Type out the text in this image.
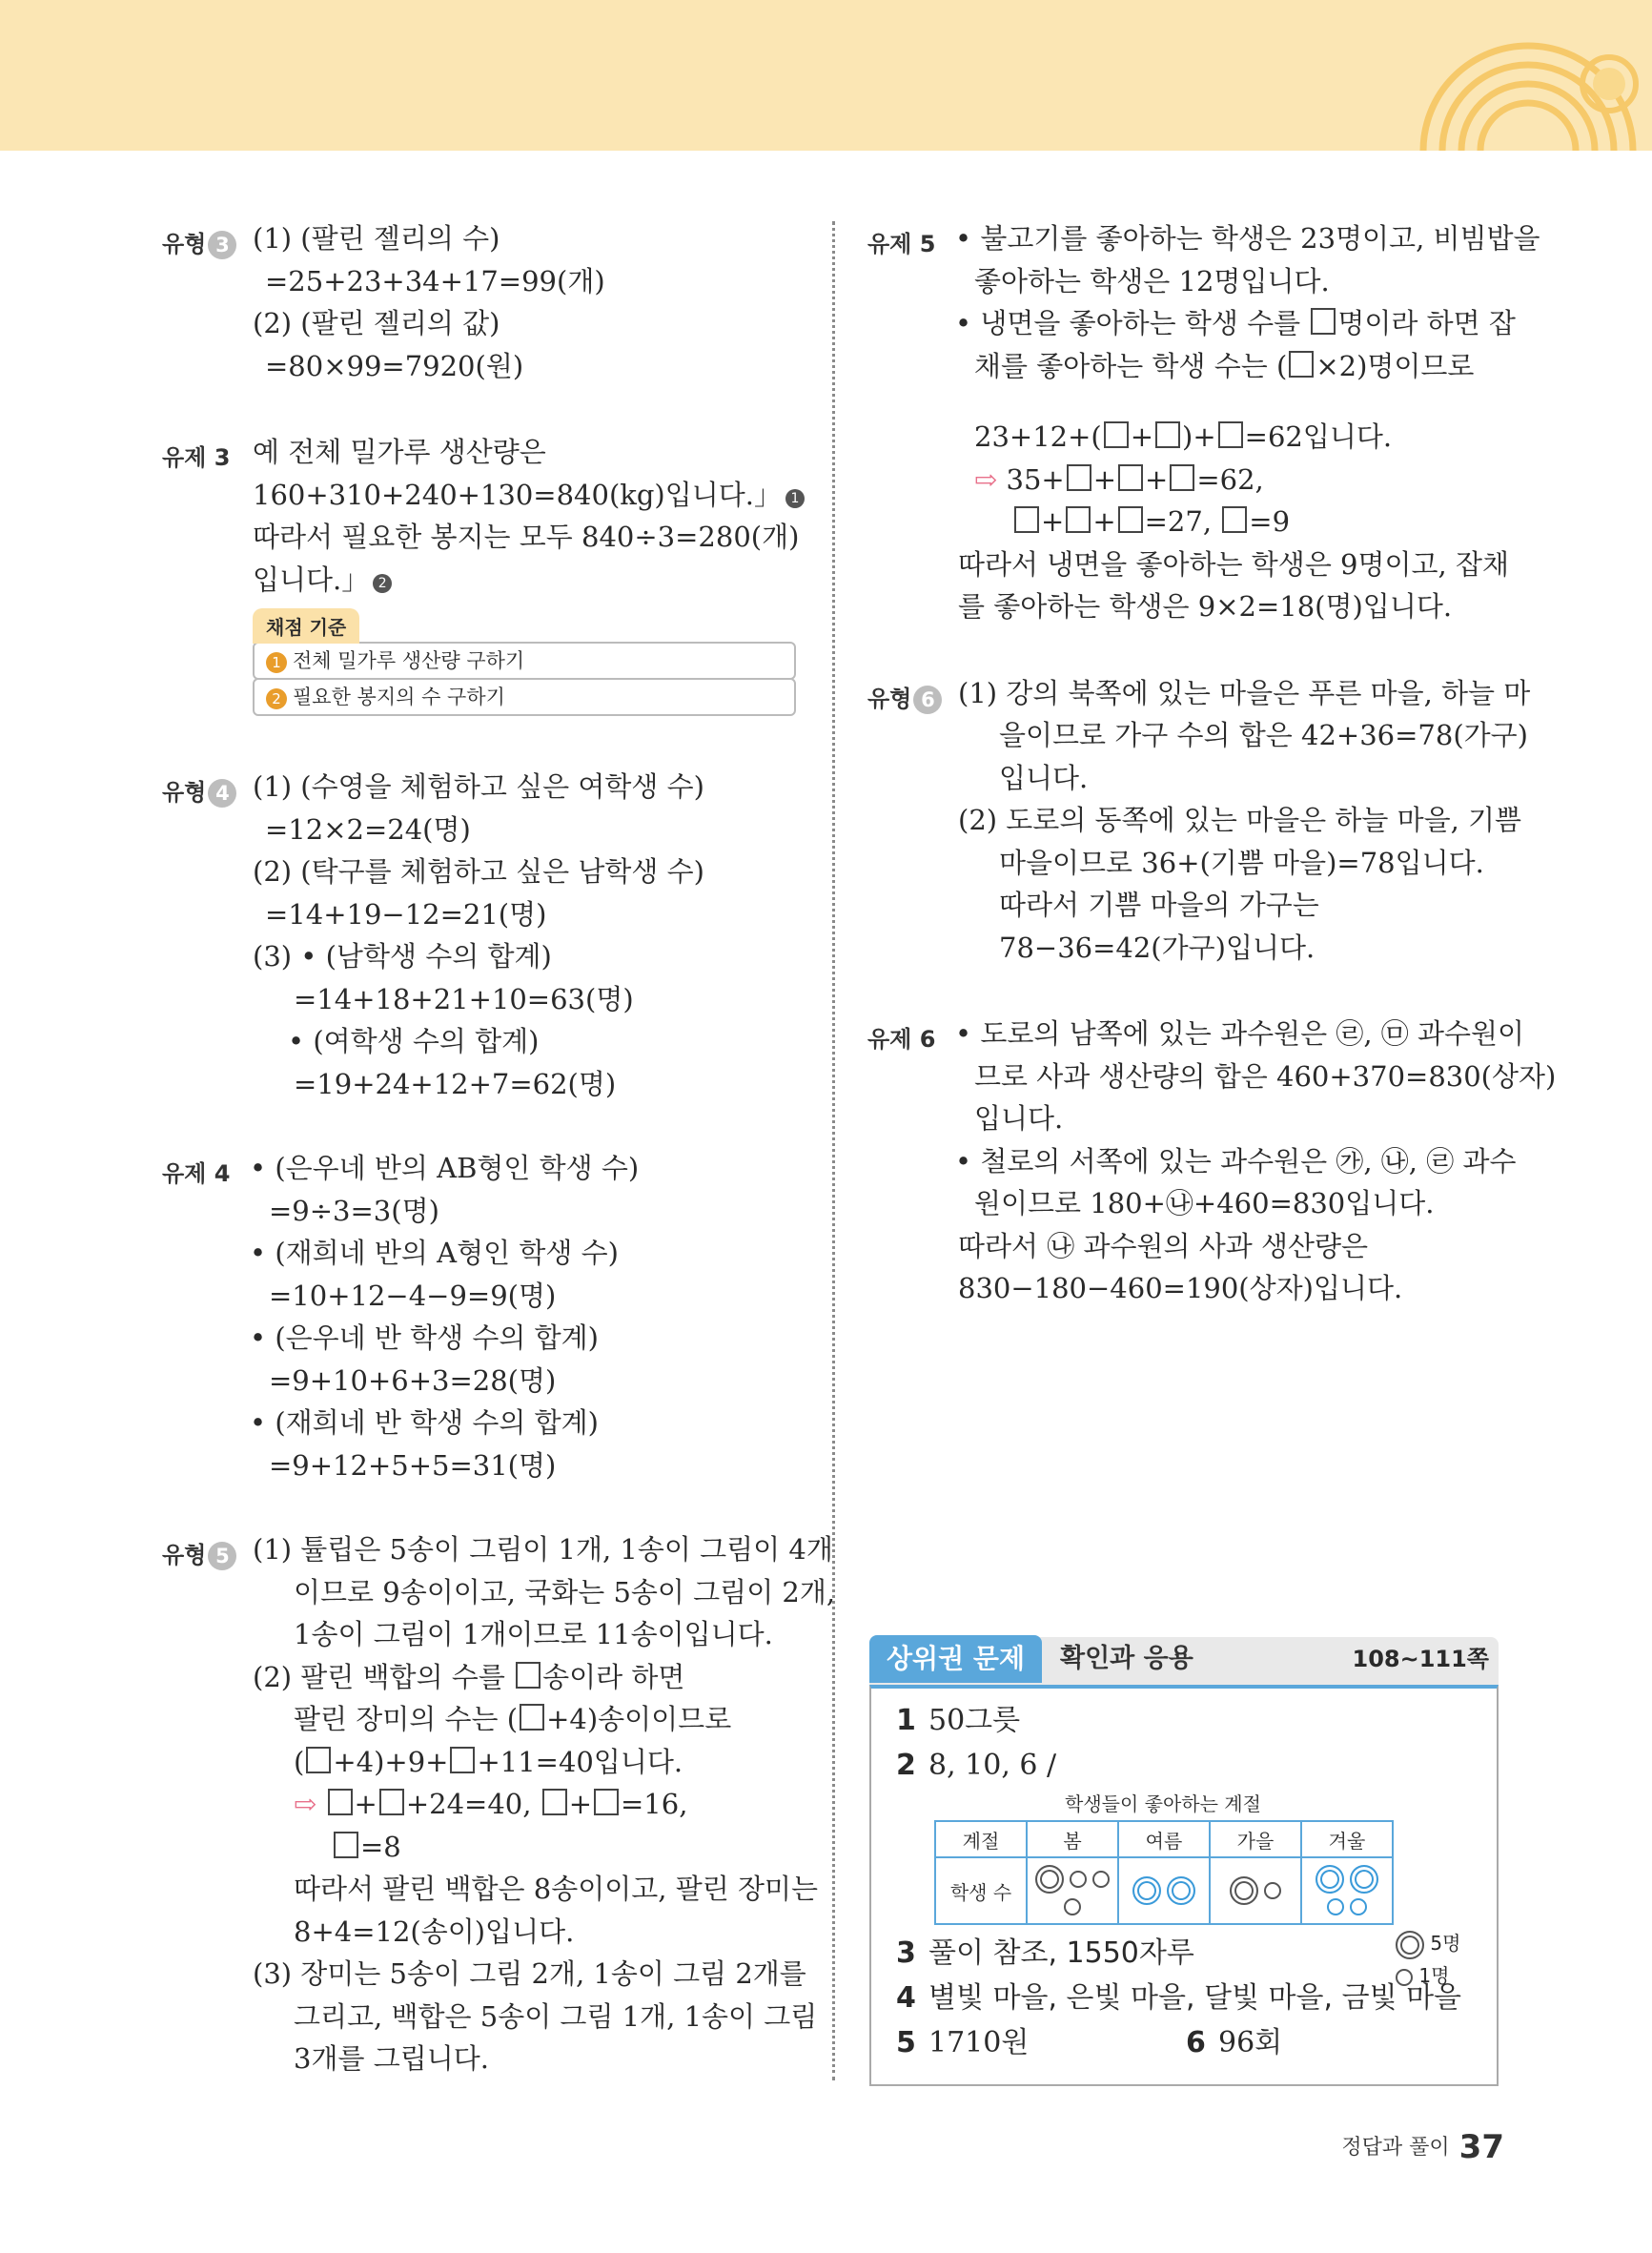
유형 3 (1) (팔린 젤리의 수)
=25+23+34+17=99(개)
(2) (팔린 젤리의 값)
=80×99=7920(원)
유제 3 예 전체 밀가루 생산량은
160+310+240+130=840(kg)입니다.」 1
따라서 필요한 봉지는 모두 840÷3=280(개)
입니다.」 2
채점 기준
1 전체 밀가루 생산량 구하기
2 필요한 봉지의 수 구하기
유형 4 (1) (수영을 체험하고 싶은 여학생 수)
=12×2=24(명)
(2) (탁구를 체험하고 싶은 남학생 수)
=14+19−12=21(명)
(3) • (남학생 수의 합계)
=14+18+21+10=63(명)
• (여학생 수의 합계)
=19+24+12+7=62(명)
유제 4 • (은우네 반의 AB형인 학생 수)
=9÷3=3(명)
• (재희네 반의 A형인 학생 수)
=10+12−4−9=9(명)
• (은우네 반 학생 수의 합계)
=9+10+6+3=28(명)
• (재희네 반 학생 수의 합계)
=9+12+5+5=31(명)
유형 5 (1) 튤립은 5송이 그림이 1개, 1송이 그림이 4개
이므로 9송이이고, 국화는 5송이 그림이 2개,
1송이 그림이 1개이므로 11송이입니다.
(2) 팔린 백합의 수를 송이라 하면
팔린 장미의 수는 ( +4)송이이므로
( +4)+9+ +11=40입니다.
⇨ + +24=40, + =16,
=8
따라서 팔린 백합은 8송이이고, 팔린 장미는
8+4=12(송이)입니다.
(3) 장미는 5송이 그림 2개, 1송이 그림 2개를
그리고, 백합은 5송이 그림 1개, 1송이 그림
3개를 그립니다.
유제 5 • 불고기를 좋아하는 학생은 23명이고, 비빔밥을
좋아하는 학생은 12명입니다.
• 냉면을 좋아하는 학생 수를 명이라 하면 잡
채를 좋아하는 학생 수는 ( ×2)명이므로
23+12+( + )+ =62입니다.
⇨ 35+ + + =62,
+ + =27, =9
따라서 냉면을 좋아하는 학생은 9명이고, 잡채
를 좋아하는 학생은 9×2=18(명)입니다.
유형 6 (1) 강의 북쪽에 있는 마을은 푸른 마을, 하늘 마
을이므로 가구 수의 합은 42+36=78(가구)
입니다.
(2) 도로의 동쪽에 있는 마을은 하늘 마을, 기쁨
마을이므로 36+(기쁨 마을)=78입니다.
따라서 기쁨 마을의 가구는
78−36=42(가구)입니다.
유제 6 • 도로의 남쪽에 있는 과수원은 ㉣, ㉤ 과수원이
므로 사과 생산량의 합은 460+370=830(상자)
입니다.
• 철로의 서쪽에 있는 과수원은 ㉮, ㉯, ㉣ 과수
원이므로 180+㉯+460=830입니다.
따라서 ㉯ 과수원의 사과 생산량은
830−180−460=190(상자)입니다.
상위권 문제	확인과 응용	108~111쪽
1 50그릇
2 8, 10, 6 /
학생들이 좋아하는 계절
계절	봄	여름	가을	겨울
학생 수	

5명
1명
3 풀이 참조, 1550자루
4 별빛 마을, 은빛 마을, 달빛 마을, 금빛 마을
5 1710원	6 96회
정답과 풀이 37
